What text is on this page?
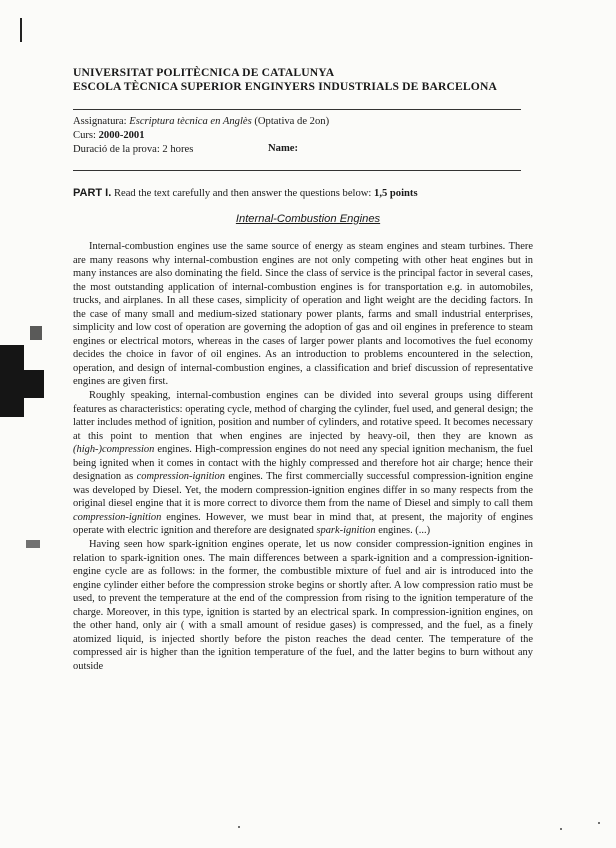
UNIVERSITAT POLITÈCNICA DE CATALUNYA
ESCOLA TÈCNICA SUPERIOR ENGINYERS INDUSTRIALS DE BARCELONA
Assignatura: Escriptura tècnica en Anglès (Optativa de 2on)
Curs: 2000-2001
Duració de la prova: 2 hores	Name:
PART I. Read the text carefully and then answer the questions below: 1,5 points
Internal-Combustion Engines

Internal-combustion engines use the same source of energy as steam engines and steam turbines. There are many reasons why internal-combustion engines are not only competing with other heat engines but in many instances are also dominating the field. Since the class of service is the principal factor in several cases, the most outstanding application of internal-combustion engines is for transportation e.g. in automobiles, trucks, and airplanes. In all these cases, simplicity of operation and light weight are the deciding factors. In the case of many small and medium-sized stationary power plants, farms and small industrial enterprises, simplicity and low cost of operation are governing the adoption of gas and oil engines in preference to steam engines or electrical motors, whereas in the cases of larger power plants and locomotives the fuel economy decides the choice in favor of oil engines. As an introduction to problems encountered in the selection, operation, and design of internal-combustion engines, a classification and brief discussion of representative engines are given first.

Roughly speaking, internal-combustion engines can be divided into several groups using different features as characteristics: operating cycle, method of charging the cylinder, fuel used, and general design; the latter includes method of ignition, position and number of cylinders, and rotative speed. It becomes necessary at this point to mention that when engines are injected by heavy-oil, then they are known as (high-)compression engines. High-compression engines do not need any special ignition mechanism, the fuel being ignited when it comes in contact with the highly compressed and therefore hot air charge; hence their designation as compression-ignition engines. The first commercially successful compression-ignition engine was developed by Diesel. Yet, the modern compression-ignition engines differ in so many respects from the original diesel engine that it is more correct to divorce them from the name of Diesel and simply to call them compression-ignition engines. However, we must bear in mind that, at present, the majority of engines operate with electric ignition and therefore are designated spark-ignition engines. (...)

Having seen how spark-ignition engines operate, let us now consider compression-ignition engines in relation to spark-ignition ones. The main differences between a spark-ignition and a compression-ignition-engine cycle are as follows: in the former, the combustible mixture of fuel and air is introduced into the engine cylinder either before the compression stroke begins or shortly after. A low compression ratio must be used, to prevent the temperature at the end of the compression from rising to the ignition temperature of the charge. Moreover, in this type, ignition is started by an electrical spark. In compression-ignition engines, on the other hand, only air ( with a small amount of residue gases) is compressed, and the fuel, as a finely atomized liquid, is injected shortly before the piston reaches the dead center. The temperature of the compressed air is higher than the ignition temperature of the fuel, and the latter begins to burn without any outside
